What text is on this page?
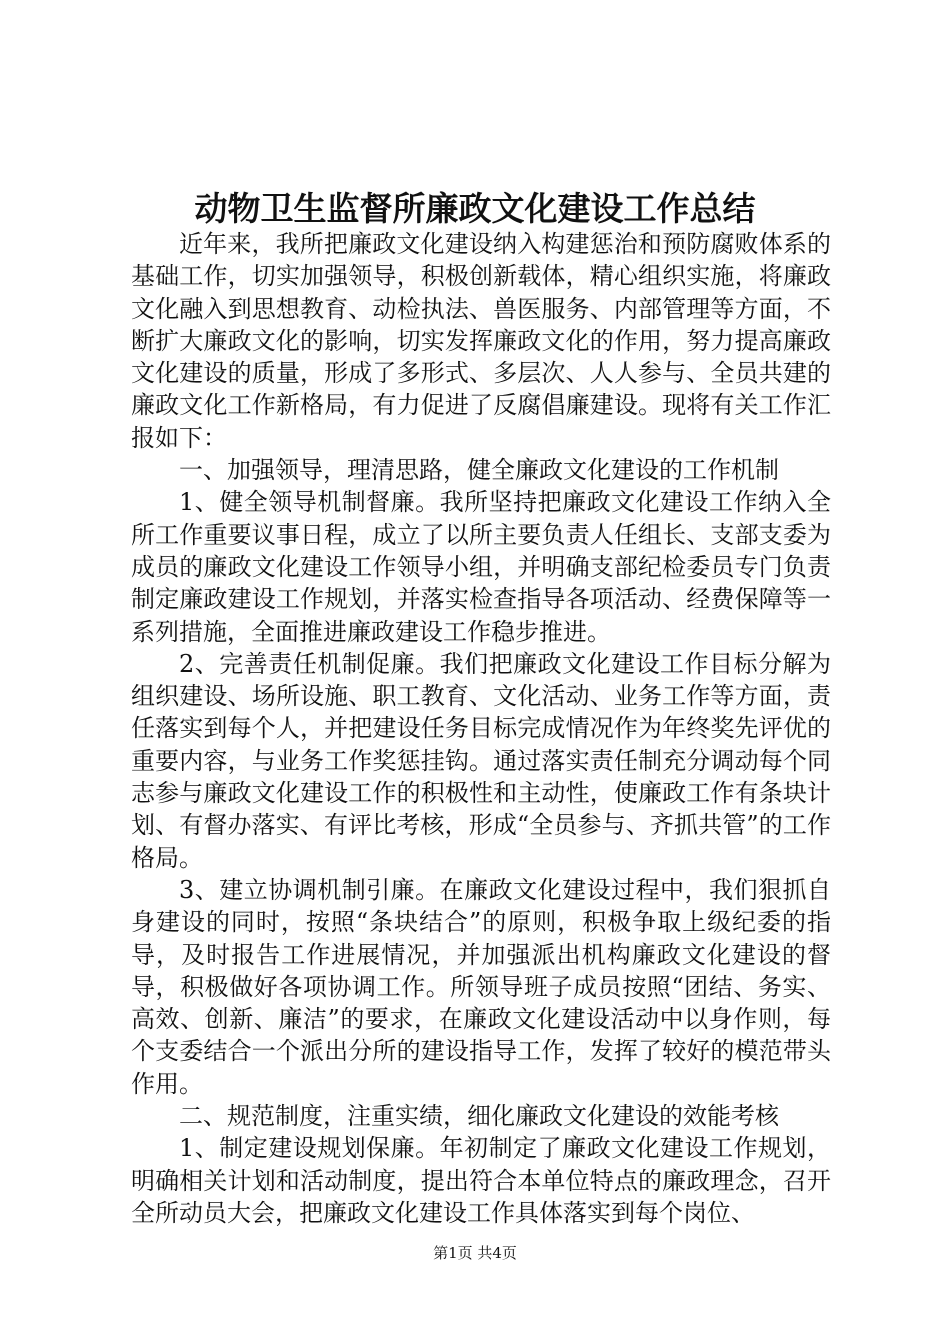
动物卫生监督所廉政文化建设工作总结

近年来，我所把廉政文化建设纳入构建惩治和预防腐败体系的基础工作，切实加强领导，积极创新载体，精心组织实施，将廉政文化融入到思想教育、动检执法、兽医服务、内部管理等方面，不断扩大廉政文化的影响，切实发挥廉政文化的作用，努力提高廉政文化建设的质量，形成了多形式、多层次、人人参与、全员共建的廉政文化工作新格局，有力促进了反腐倡廉建设。现将有关工作汇报如下：

一、加强领导，理清思路，健全廉政文化建设的工作机制

1、健全领导机制督廉。我所坚持把廉政文化建设工作纳入全所工作重要议事日程，成立了以所主要负责人任组长、支部支委为成员的廉政文化建设工作领导小组，并明确支部纪检委员专门负责制定廉政建设工作规划，并落实检查指导各项活动、经费保障等一系列措施，全面推进廉政建设工作稳步推进。

2、完善责任机制促廉。我们把廉政文化建设工作目标分解为组织建设、场所设施、职工教育、文化活动、业务工作等方面，责任落实到每个人，并把建设任务目标完成情况作为年终奖先评优的重要内容，与业务工作奖惩挂钩。通过落实责任制充分调动每个同志参与廉政文化建设工作的积极性和主动性，使廉政工作有条块计划、有督办落实、有评比考核，形成“全员参与、齐抓共管”的工作格局。

3、建立协调机制引廉。在廉政文化建设过程中，我们狠抓自身建设的同时，按照“条块结合”的原则，积极争取上级纪委的指导，及时报告工作进展情况，并加强派出机构廉政文化建设的督导，积极做好各项协调工作。所领导班子成员按照“团结、务实、高效、创新、廉洁”的要求，在廉政文化建设活动中以身作则，每个支委结合一个派出分所的建设指导工作，发挥了较好的模范带头作用。

二、规范制度，注重实绩，细化廉政文化建设的效能考核

1、制定建设规划保廉。年初制定了廉政文化建设工作规划，明确相关计划和活动制度，提出符合本单位特点的廉政理念，召开全所动员大会，把廉政文化建设工作具体落实到每个岗位、

第1页 共4页
